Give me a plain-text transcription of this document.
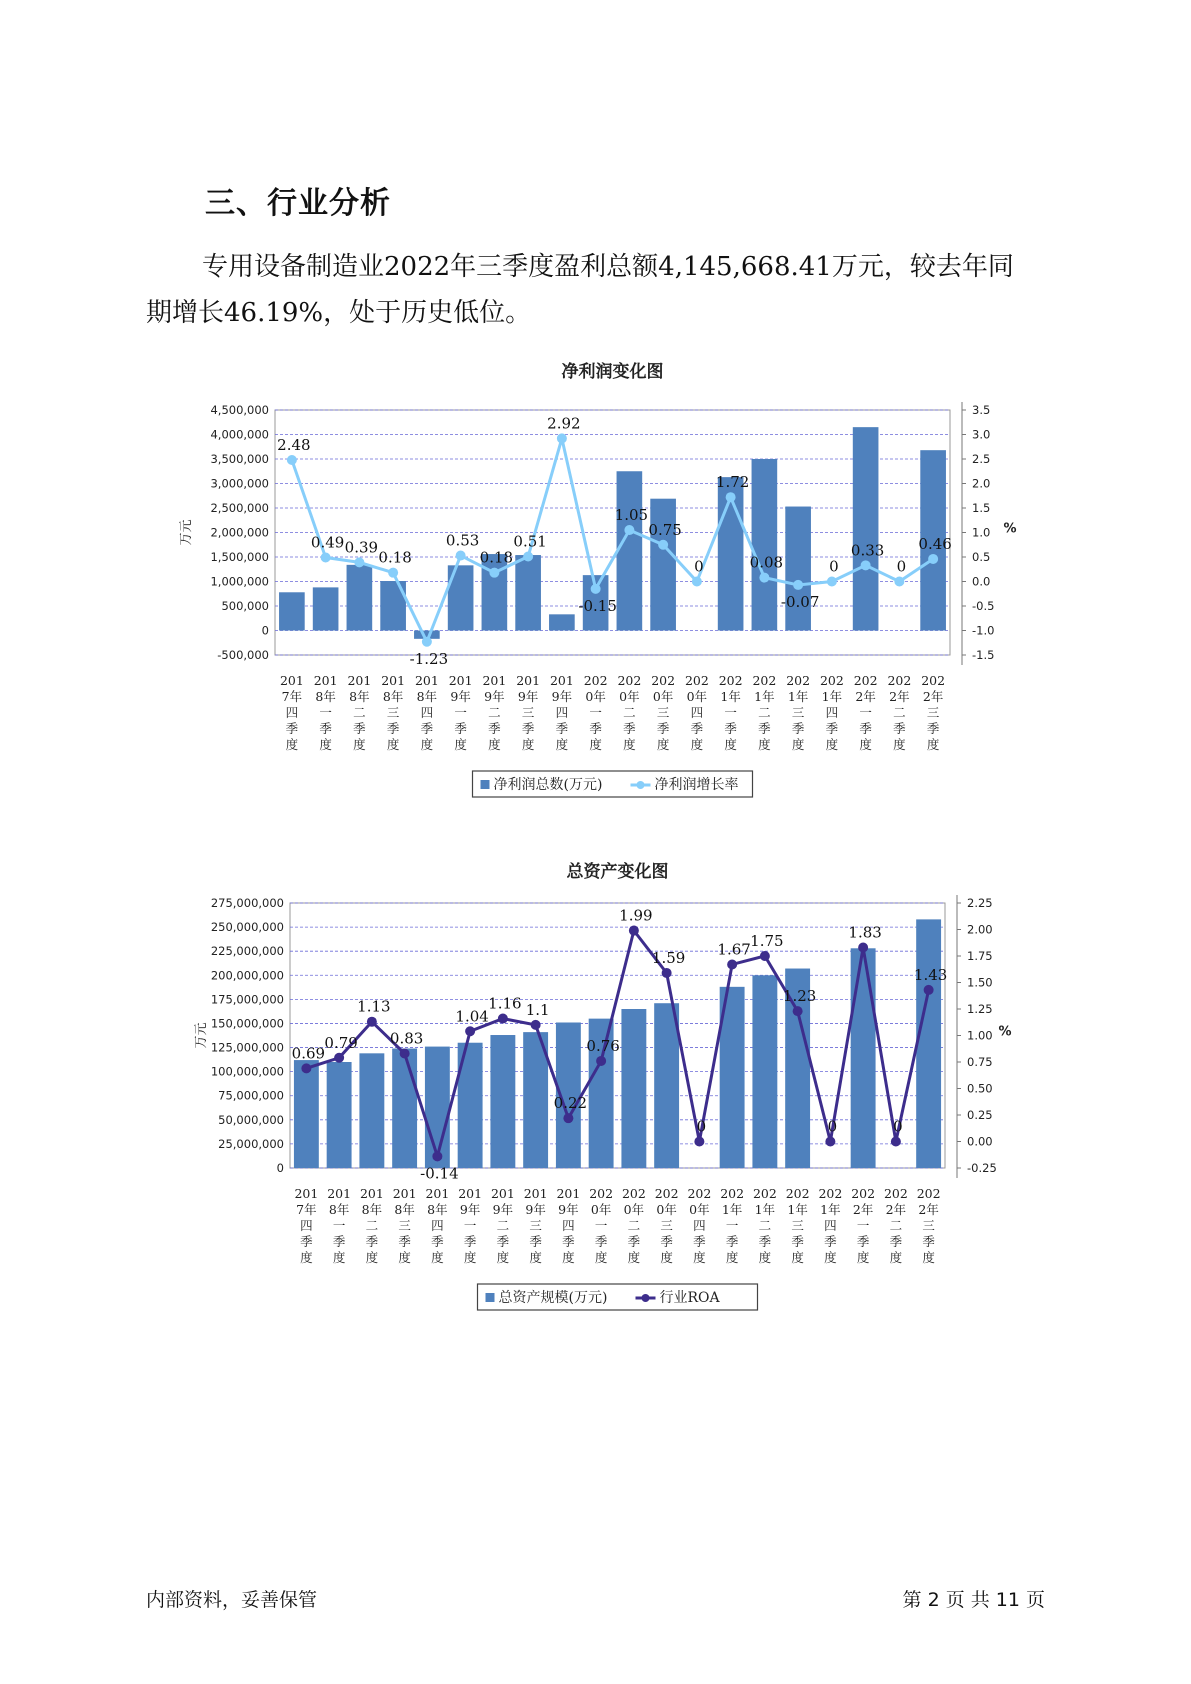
三、行业分析
专用设备制造业2022年三季度盈利总额4,145,668.41万元，较去年同
期增长46.19%，处于历史低位。
净利润变化图
-500,000
0
500,000
1,000,000
1,500,000
2,000,000
2,500,000
3,000,000
3,500,000
4,000,000
4,500,000
-1.5
-1.0
-0.5
0.0
0.5
1.0
1.5
2.0
2.5
3.0
3.5
万元	%
201
7年
四
季
度
201
8年
一
季
度
201
8年
二
季
度
201
8年
三
季
度
201
8年
四
季
度
201
9年
一
季
度
201
9年
二
季
度
201
9年
三
季
度
201
9年
四
季
度
202
0年
一
季
度
202
0年
二
季
度
202
0年
三
季
度
202
0年
四
季
度
202
1年
一
季
度
202
1年
二
季
度
202
1年
三
季
度
202
1年
四
季
度
202
2年
一
季
度
202
2年
二
季
度
202
2年
三
季
度
2.48
0.49 0.39
0.18
-1.23
0.53
0.18
0.51
2.92
-0.15
1.05
0.75
0
1.72
0.08
-0.07
0
0.33
0
0.46
净利润总数(万元)	净利润增长率
总资产变化图
0
25,000,000
50,000,000
75,000,000
100,000,000
125,000,000
150,000,000
175,000,000
200,000,000
225,000,000
250,000,000
275,000,000
-0.25
0.00
0.25
0.50
0.75
1.00
1.25
1.50
1.75
2.00
2.25
万元	%
201
7年
四
季
度
201
8年
一
季
度
201
8年
二
季
度
201
8年
三
季
度
201
8年
四
季
度
201
9年
一
季
度
201
9年
二
季
度
201
9年
三
季
度
201
9年
四
季
度
202
0年
一
季
度
202
0年
二
季
度
202
0年
三
季
度
202
0年
四
季
度
202
1年
一
季
度
202
1年
二
季
度
202
1年
三
季
度
202
1年
四
季
度
202
2年
一
季
度
202
2年
二
季
度
202
2年
三
季
度
0.69
0.79
1.13
0.83
-0.14
1.04
1.16 1.1
0.22
0.76
1.99
1.59
0
1.67 1.75
1.23
0
1.83
0
1.43
总资产规模(万元)	行业ROA
内部资料，妥善保管	第 2 页 共 11 页
